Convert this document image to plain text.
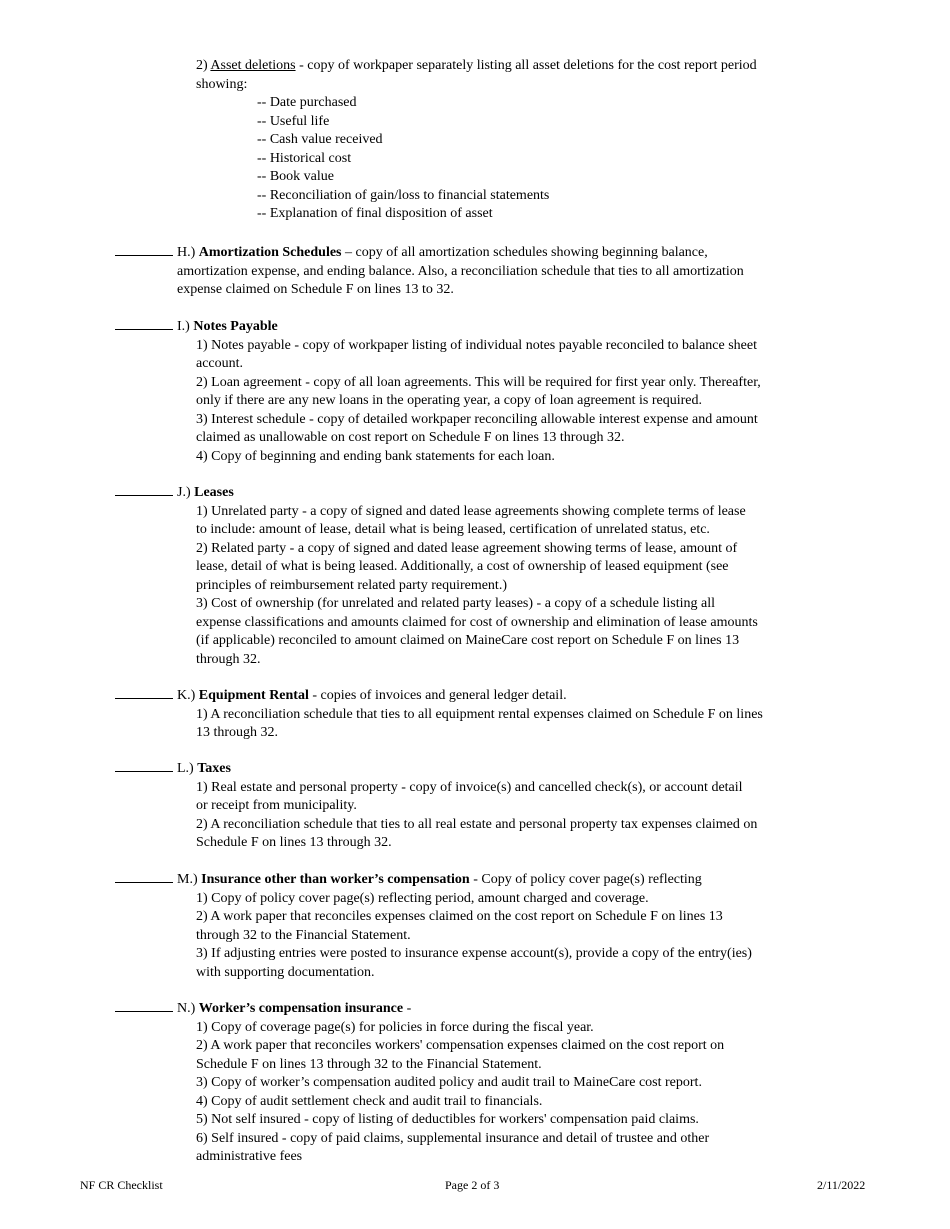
2) Asset deletions - copy of workpaper separately listing all asset deletions for the cost report period

showing:

-- Date purchased

-- Useful life

-- Cash value received

-- Historical cost

-- Book value

-- Reconciliation of gain/loss to financial statements

-- Explanation of final disposition of asset

H.) Amortization Schedules – copy of all amortization schedules showing beginning balance,

amortization expense, and ending balance. Also, a reconciliation schedule that ties to all amortization

expense claimed on Schedule F on lines 13 to 32.

I.) Notes Payable

1) Notes payable - copy of workpaper listing of individual notes payable reconciled to balance sheet

account.

2) Loan agreement - copy of all loan agreements. This will be required for first year only. Thereafter,

only if there are any new loans in the operating year, a copy of loan agreement is required.

3) Interest schedule - copy of detailed workpaper reconciling allowable interest expense and amount

claimed as unallowable on cost report on Schedule F on lines 13 through 32.

4) Copy of beginning and ending bank statements for each loan.

J.) Leases

1) Unrelated party - a copy of signed and dated lease agreements showing complete terms of lease

to include: amount of lease, detail what is being leased, certification of unrelated status, etc.

2) Related party - a copy of signed and dated lease agreement showing terms of lease, amount of

lease, detail of what is being leased. Additionally, a cost of ownership of leased equipment (see

principles of reimbursement related party requirement.)

3) Cost of ownership (for unrelated and related party leases) - a copy of a schedule listing all

expense classifications and amounts claimed for cost of ownership and elimination of lease amounts

(if applicable) reconciled to amount claimed on MaineCare cost report on Schedule F on lines 13

through 32.

K.) Equipment Rental - copies of invoices and general ledger detail.

1) A reconciliation schedule that ties to all equipment rental expenses claimed on Schedule F on lines

13 through 32.

L.) Taxes

1) Real estate and personal property - copy of invoice(s) and cancelled check(s), or account detail

or receipt from municipality.

2) A reconciliation schedule that ties to all real estate and personal property tax expenses claimed on

Schedule F on lines 13 through 32.

M.) Insurance other than worker’s compensation - Copy of policy cover page(s) reflecting

1) Copy of policy cover page(s) reflecting period, amount charged and coverage.

2) A work paper that reconciles expenses claimed on the cost report on Schedule F on lines 13

through 32 to the Financial Statement.

3) If adjusting entries were posted to insurance expense account(s), provide a copy of the entry(ies)

with supporting documentation.

N.) Worker’s compensation insurance -

1) Copy of coverage page(s) for policies in force during the fiscal year.

2) A work paper that reconciles workers' compensation expenses claimed on the cost report on

Schedule F on lines 13 through 32 to the Financial Statement.

3) Copy of worker’s compensation audited policy and audit trail to MaineCare cost report.

4) Copy of audit settlement check and audit trail to financials.

5) Not self insured - copy of listing of deductibles for workers' compensation paid claims.

6) Self insured - copy of paid claims, supplemental insurance and detail of trustee and other

administrative fees

NF CR Checklist	Page 2 of 3	2/11/2022
